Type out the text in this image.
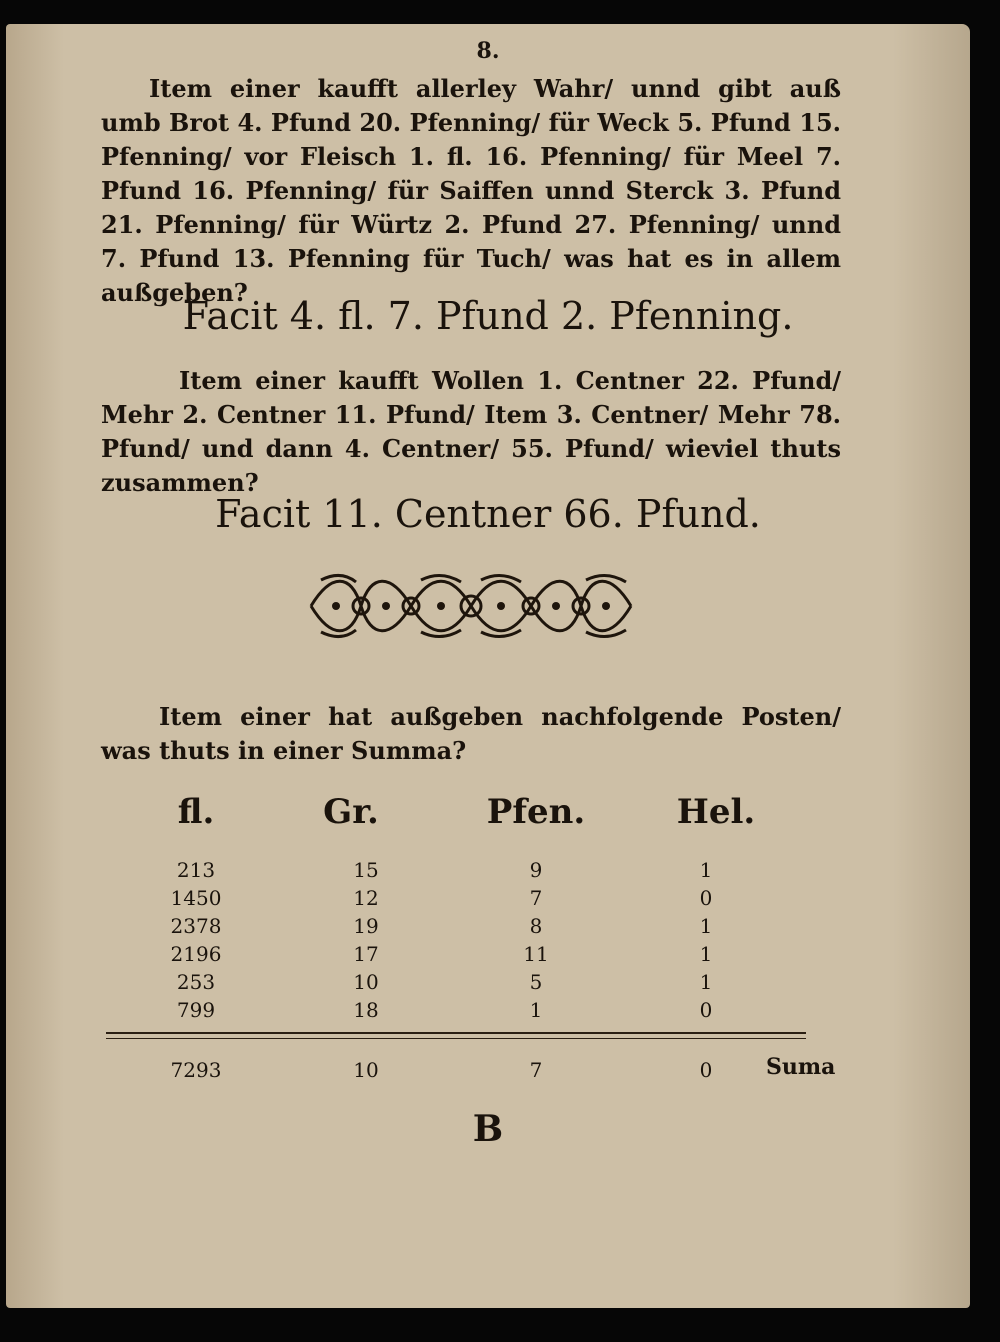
8.

Item einer kaufft allerley Wahr/ unnd gibt auß umb Brot 4. Pfund 20. Pfenning/ für Weck 5. Pfund 15. Pfenning/ vor Fleisch 1. fl. 16. Pfenning/ für Meel 7. Pfund 16. Pfenning/ für Saiffen unnd Sterck 3. Pfund 21. Pfenning/ für Würtz 2. Pfund 27. Pfenning/ unnd 7. Pfund 13. Pfenning für Tuch/ was hat es in allem außgeben?

Facit 4. fl. 7. Pfund 2. Pfenning.

Item einer kaufft Wollen 1. Centner 22. Pfund/ Mehr 2. Centner 11. Pfund/ Item 3. Centner/ Mehr 78. Pfund/ und dann 4. Centner/ 55. Pfund/ wieviel thuts zusammen?

Facit 11. Centner 66. Pfund.

Item einer hat außgeben nachfolgende Posten/ was thuts in einer Summa?

fl.	Gr.	Pfen.	Hel.
213	15	9	1
1450	12	7	0
2378	19	8	1
2196	17	11	1
253	10	5	1
799	18	1	0
7293	10	7	0	Suma
B
